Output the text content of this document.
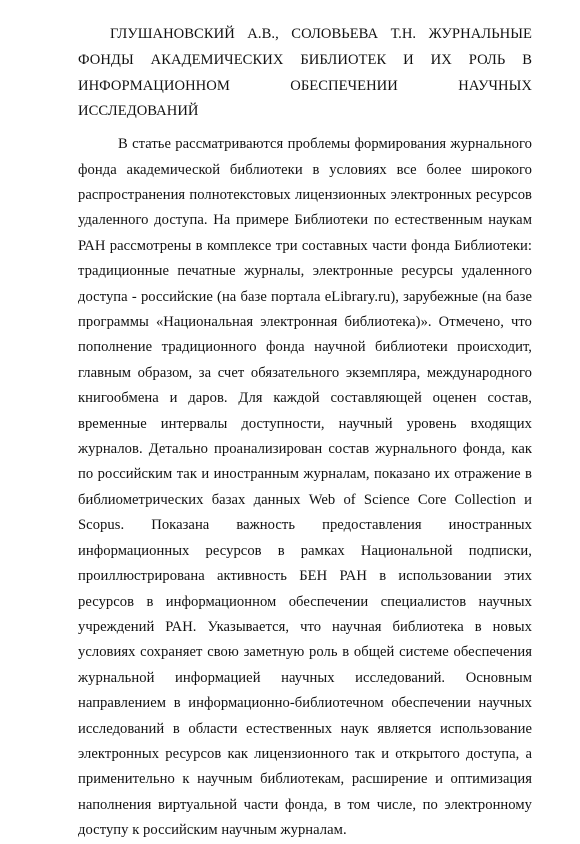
ГЛУШАНОВСКИЙ А.В., СОЛОВЬЕВА Т.Н. ЖУРНАЛЬНЫЕ ФОНДЫ АКАДЕМИЧЕСКИХ БИБЛИОТЕК И ИХ РОЛЬ В ИНФОРМАЦИОННОМ ОБЕСПЕЧЕНИИ НАУЧНЫХ ИССЛЕДОВАНИЙ

В статье рассматриваются проблемы формирования журнального фонда академической библиотеки в условиях все более широкого распространения полнотекстовых лицензионных электронных ресурсов удаленного доступа. На примере Библиотеки по естественным наукам РАН рассмотрены в комплексе три составных части фонда Библиотеки: традиционные печатные журналы, электронные ресурсы удаленного доступа - российские (на базе портала eLibrary.ru), зарубежные (на базе программы «Национальная электронная библиотека)». Отмечено, что пополнение традиционного фонда научной библиотеки происходит, главным образом, за счет обязательного экземпляра, международного книгообмена и даров. Для каждой составляющей оценен состав, временные интервалы доступности, научный уровень входящих журналов. Детально проанализирован состав журнального фонда, как по российским так и иностранным журналам, показано их отражение в библиометрических базах данных Web of Science Core Collection и Scopus. Показана важность предоставления иностранных информационных ресурсов в рамках Национальной подписки, проиллюстрирована активность БЕН РАН в использовании этих ресурсов в информационном обеспечении специалистов научных учреждений РАН. Указывается, что научная библиотека в новых условиях сохраняет свою заметную роль в общей системе обеспечения журнальной информацией научных исследований. Основным направлением в информационно-библиотечном обеспечении научных исследований в области естественных наук является использование электронных ресурсов как лицензионного так и открытого доступа, а применительно к научным библиотекам, расширение и оптимизация наполнения виртуальной части фонда, в том числе, по электронному доступу к российским научным журналам.
